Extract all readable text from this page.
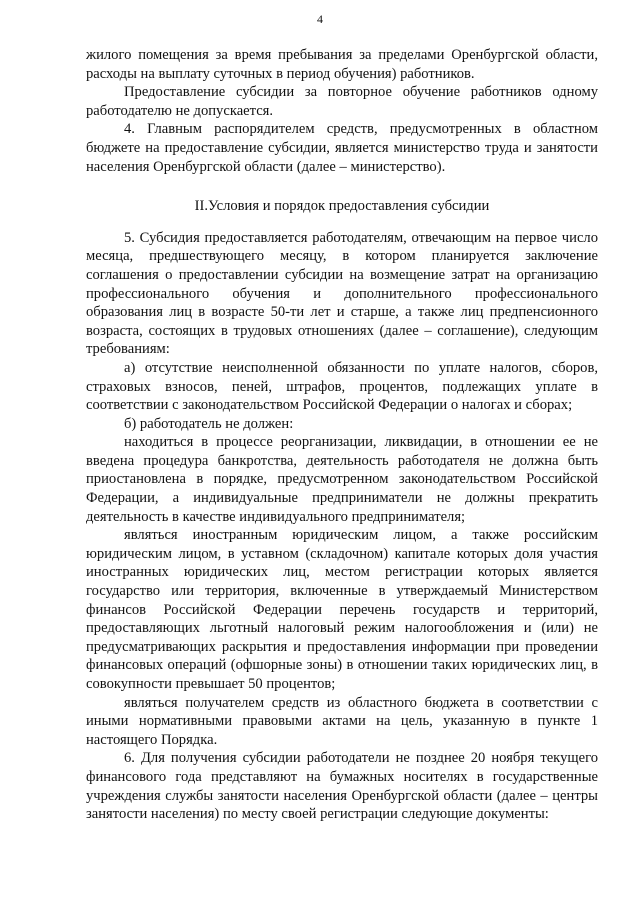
4

жилого помещения за время пребывания за пределами Оренбургской области, расходы на выплату суточных в период обучения) работников.

Предоставление субсидии за повторное обучение работников одному работодателю не допускается.

4. Главным распорядителем средств, предусмотренных в областном бюджете на предоставление субсидии, является министерство труда и занятости населения Оренбургской области (далее – министерство).

II.Условия и порядок предоставления субсидии

5. Субсидия предоставляется работодателям, отвечающим на первое число месяца, предшествующего месяцу, в котором планируется заключение соглашения о предоставлении субсидии на возмещение затрат на организацию профессионального обучения и дополнительного профессионального образования лиц в возрасте 50-ти лет и старше, а также лиц предпенсионного возраста, состоящих в трудовых отношениях (далее – соглашение), следующим требованиям:

а) отсутствие неисполненной обязанности по уплате налогов, сборов, страховых взносов, пеней, штрафов, процентов, подлежащих уплате в соответствии с законодательством Российской Федерации о налогах и сборах;

б) работодатель не должен:

находиться в процессе реорганизации, ликвидации, в отношении ее не введена процедура банкротства, деятельность работодателя не должна быть приостановлена в порядке, предусмотренном законодательством Российской Федерации, а индивидуальные предприниматели не должны прекратить деятельность в качестве индивидуального предпринимателя;

являться иностранным юридическим лицом, а также российским юридическим лицом, в уставном (складочном) капитале которых доля участия иностранных юридических лиц, местом регистрации которых является государство или территория, включенные в утверждаемый Министерством финансов Российской Федерации перечень государств и территорий, предоставляющих льготный налоговый режим налогообложения и (или) не предусматривающих раскрытия и предоставления информации при проведении финансовых операций (офшорные зоны) в отношении таких юридических лиц, в совокупности превышает 50 процентов;

являться получателем средств из областного бюджета в соответствии с иными нормативными правовыми актами на цель, указанную в пункте 1 настоящего Порядка.

6. Для получения субсидии работодатели не позднее 20 ноября текущего финансового года представляют на бумажных носителях в государственные учреждения службы занятости населения Оренбургской области (далее – центры занятости населения) по месту своей регистрации следующие документы:
